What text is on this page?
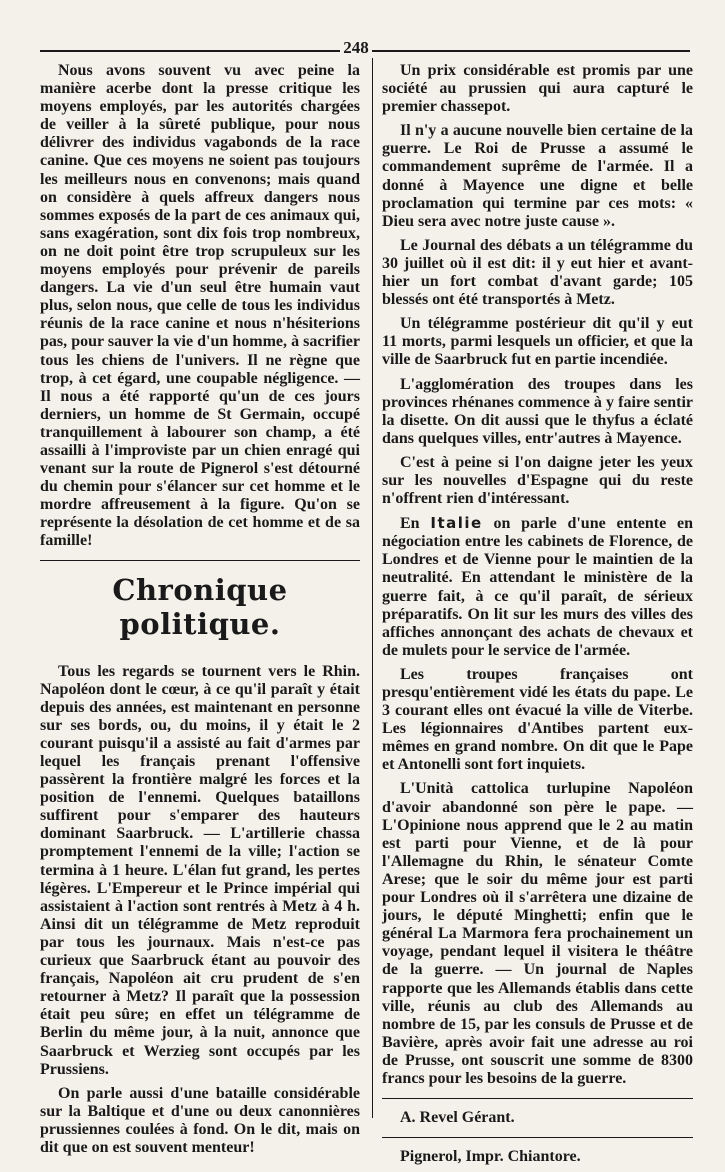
248

Nous avons souvent vu avec peine la manière acerbe dont la presse critique les moyens employés, par les autorités chargées de veiller à la sûreté publique, pour nous délivrer des individus vagabonds de la race canine. Que ces moyens ne soient pas toujours les meilleurs nous en convenons; mais quand on considère à quels affreux dangers nous sommes exposés de la part de ces animaux qui, sans exagération, sont dix fois trop nombreux, on ne doit point être trop scrupuleux sur les moyens employés pour prévenir de pareils dangers. La vie d'un seul être humain vaut plus, selon nous, que celle de tous les individus réunis de la race canine et nous n'hésiterions pas, pour sauver la vie d'un homme, à sacrifier tous les chiens de l'univers. Il ne règne que trop, à cet égard, une coupable négligence. — Il nous a été rapporté qu'un de ces jours derniers, un homme de St Germain, occupé tranquillement à labourer son champ, a été assailli à l'improviste par un chien enragé qui venant sur la route de Pignerol s'est détourné du chemin pour s'élancer sur cet homme et le mordre affreusement à la figure. Qu'on se représente la désolation de cet homme et de sa famille!

Chronique politique.

Tous les regards se tournent vers le Rhin. Napoléon dont le cœur, à ce qu'il paraît y était depuis des années, est maintenant en personne sur ses bords, ou, du moins, il y était le 2 courant puisqu'il a assisté au fait d'armes par lequel les français prenant l'offensive passèrent la frontière malgré les forces et la position de l'ennemi. Quelques bataillons suffirent pour s'emparer des hauteurs dominant Saarbruck. — L'artillerie chassa promptement l'ennemi de la ville; l'action se termina à 1 heure. L'élan fut grand, les pertes légères. L'Empereur et le Prince impérial qui assistaient à l'action sont rentrés à Metz à 4 h. Ainsi dit un télégramme de Metz reproduit par tous les journaux. Mais n'est-ce pas curieux que Saarbruck étant au pouvoir des français, Napoléon ait cru prudent de s'en retourner à Metz? Il paraît que la possession était peu sûre; en effet un télégramme de Berlin du même jour, à la nuit, annonce que Saarbruck et Werzieg sont occupés par les Prussiens.

On parle aussi d'une bataille considérable sur la Baltique et d'une ou deux canonnières prussiennes coulées à fond. On le dit, mais on dit que on est souvent menteur!

Un prix considérable est promis par une société au prussien qui aura capturé le premier chassepot.

Il n'y a aucune nouvelle bien certaine de la guerre. Le Roi de Prusse a assumé le commandement suprême de l'armée. Il a donné à Mayence une digne et belle proclamation qui termine par ces mots: « Dieu sera avec notre juste cause ».

Le Journal des débats a un télégramme du 30 juillet où il est dit: il y eut hier et avant-hier un fort combat d'avant garde; 105 blessés ont été transportés à Metz.

Un télégramme postérieur dit qu'il y eut 11 morts, parmi lesquels un officier, et que la ville de Saarbruck fut en partie incendiée.

L'agglomération des troupes dans les provinces rhénanes commence à y faire sentir la disette. On dit aussi que le thyfus a éclaté dans quelques villes, entr'autres à Mayence.

C'est à peine si l'on daigne jeter les yeux sur les nouvelles d'Espagne qui du reste n'offrent rien d'intéressant.

En Italie on parle d'une entente en négociation entre les cabinets de Florence, de Londres et de Vienne pour le maintien de la neutralité. En attendant le ministère de la guerre fait, à ce qu'il paraît, de sérieux préparatifs. On lit sur les murs des villes des affiches annonçant des achats de chevaux et de mulets pour le service de l'armée.

Les troupes françaises ont presqu'entièrement vidé les états du pape. Le 3 courant elles ont évacué la ville de Viterbe. Les légionnaires d'Antibes partent eux-mêmes en grand nombre. On dit que le Pape et Antonelli sont fort inquiets.

L'Unità cattolica turlupine Napoléon d'avoir abandonné son père le pape. — L'Opinione nous apprend que le 2 au matin est parti pour Vienne, et de là pour l'Allemagne du Rhin, le sénateur Comte Arese; que le soir du même jour est parti pour Londres où il s'arrêtera une dizaine de jours, le député Minghetti; enfin que le général La Marmora fera prochainement un voyage, pendant lequel il visitera le théâtre de la guerre. — Un journal de Naples rapporte que les Allemands établis dans cette ville, réunis au club des Allemands au nombre de 15, par les consuls de Prusse et de Bavière, après avoir fait une adresse au roi de Prusse, ont souscrit une somme de 8300 francs pour les besoins de la guerre.

A. Revel Gérant.

Pignerol, Impr. Chiantore.
